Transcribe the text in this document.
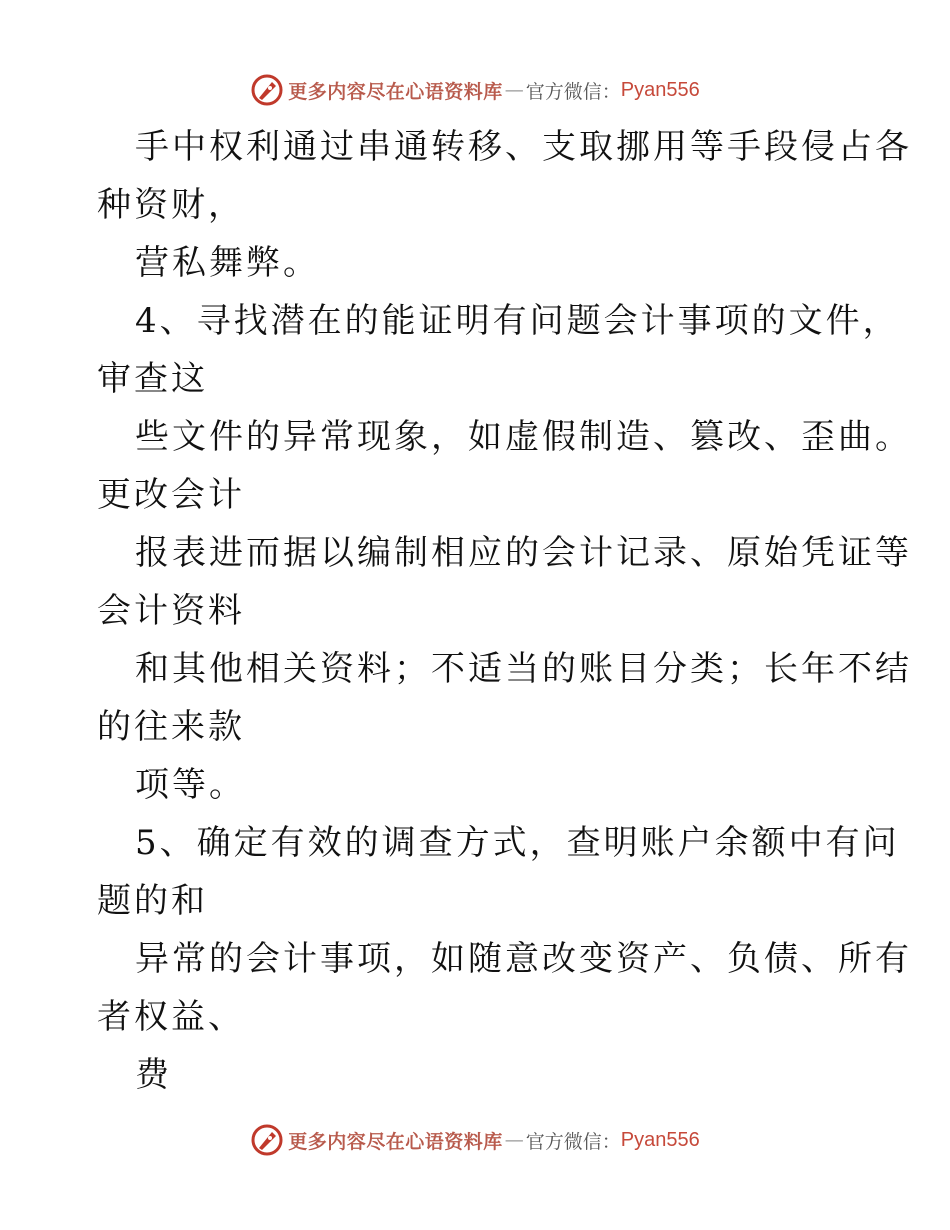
更多内容尽在心语资料库 — 官方微信： Pyan556
手中权利通过串通转移、支取挪用等手段侵占各
种资财，
营私舞弊。
4、寻找潜在的能证明有问题会计事项的文件，
审查这
些文件的异常现象，如虚假制造、篡改、歪曲。
更改会计
报表进而据以编制相应的会计记录、原始凭证等
会计资料
和其他相关资料；不适当的账目分类；长年不结
的往来款
项等。
5、确定有效的调查方式，查明账户余额中有问
题的和
异常的会计事项，如随意改变资产、负债、所有
者权益、
费
更多内容尽在心语资料库 — 官方微信： Pyan556
